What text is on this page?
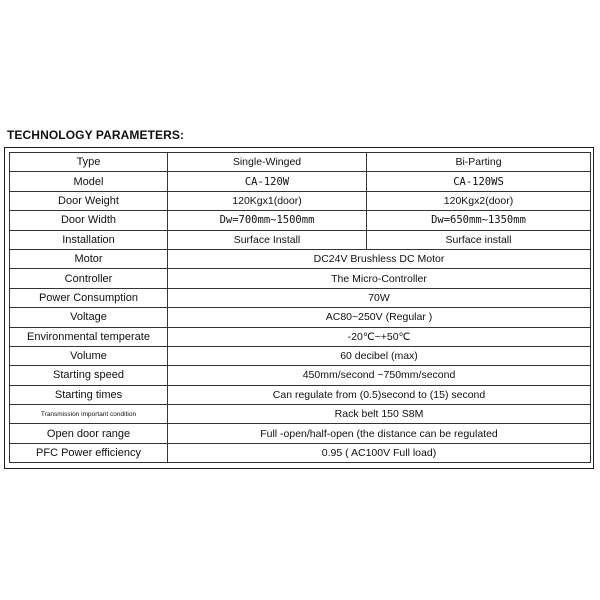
TECHNOLOGY PARAMETERS:
Type	Single-Winged	Bi-Parting
Model	CA-120W	CA-120WS
Door Weight	120Kgx1(door)	120Kgx2(door)
Door Width	Dw=700mm~1500mm	Dw=650mm~1350mm
Installation	Surface Install	Surface install
Motor	DC24V Brushless DC Motor	
Controller	The Micro-Controller	
Power Consumption	70W	
Voltage	AC80~250V (Regular )	
Environmental temperate	-20℃~+50℃	
Volume	60 decibel (max)	
Starting speed	450mm/second ~750mm/second	
Starting times	Can regulate from (0.5)second to (15) second	
Transmission important condition	Rack belt 150 S8M	
Open door range	Full -open/half-open (the distance can be regulated	
PFC Power efficiency	0.95 ( AC100V Full load)	
